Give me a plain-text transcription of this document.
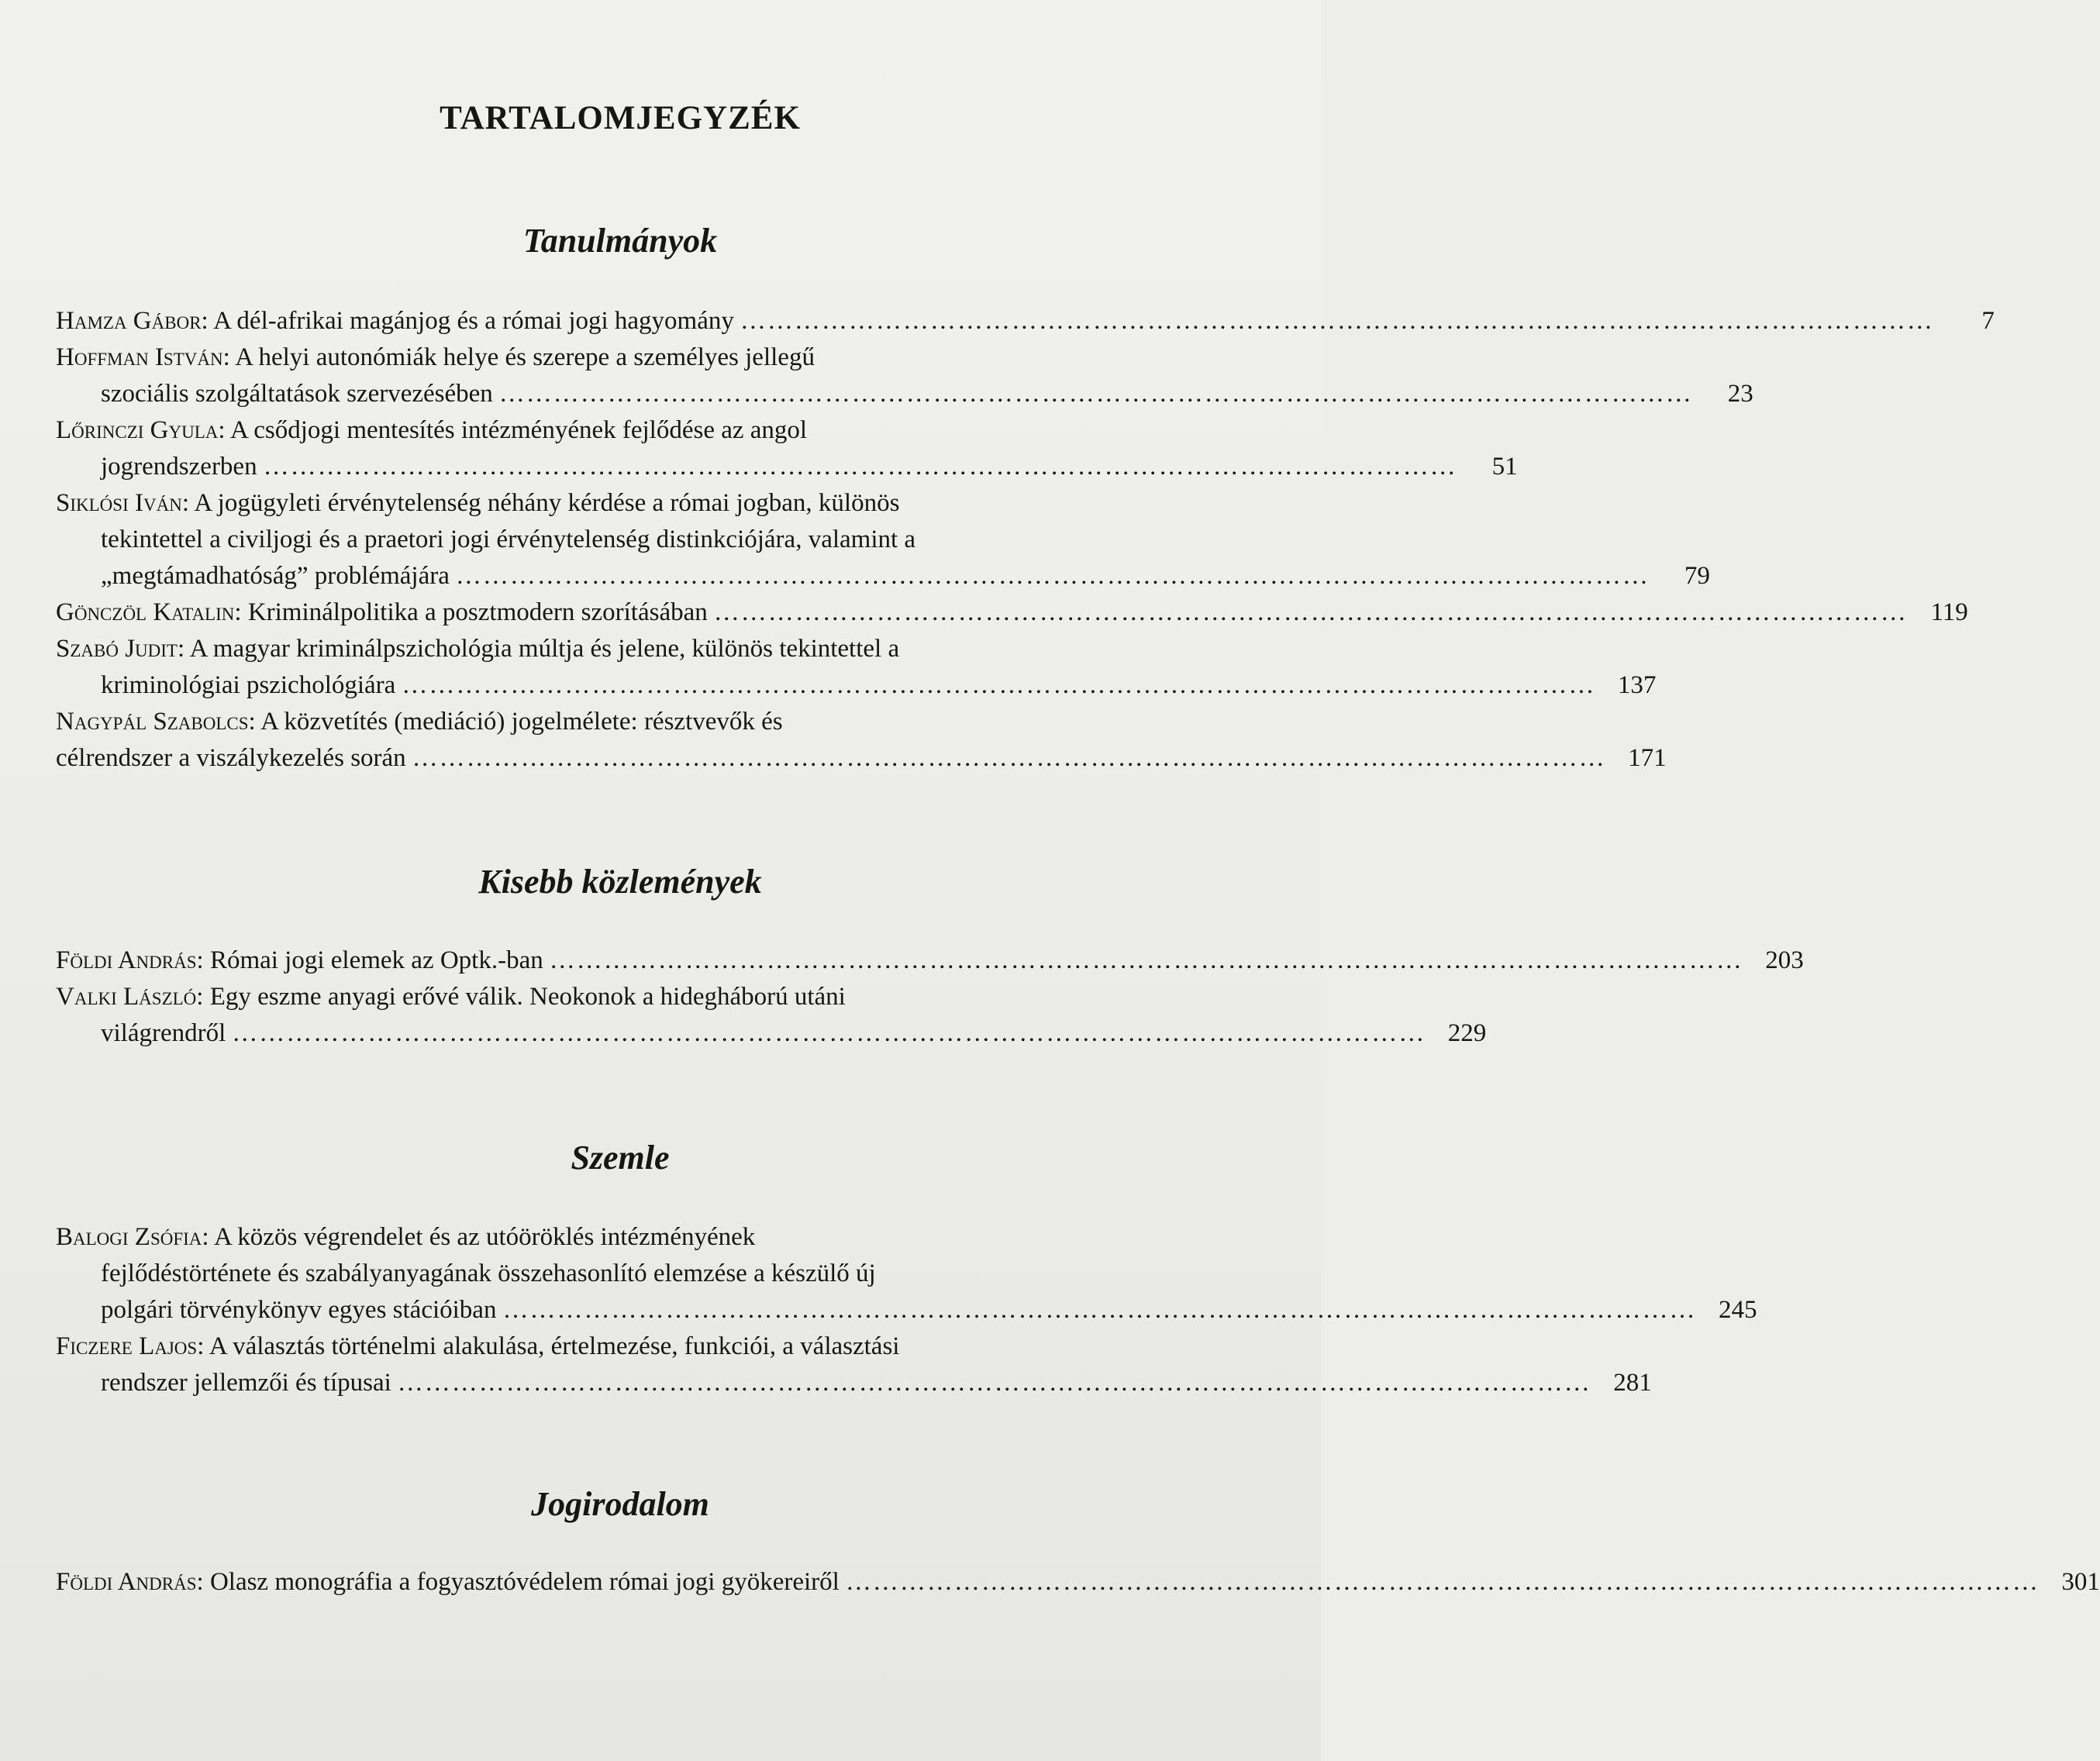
TARTALOMJEGYZÉK
Tanulmányok
Hamza Gábor: A dél-afrikai magánjog és a római jogi hagyomány ……………………………………………………………………………………………………………………	7
Hoffman István: A helyi autonómiák helye és szerepe a személyes jellegű
szociális szolgáltatások szervezésében ……………………………………………………………………………………………………………………	23
Lőrinczi Gyula: A csődjogi mentesítés intézményének fejlődése az angol
jogrendszerben ……………………………………………………………………………………………………………………	51
Siklósi Iván: A jogügyleti érvénytelenség néhány kérdése a római jogban, különös
tekintettel a civiljogi és a praetori jogi érvénytelenség distinkciójára, valamint a
„megtámadhatóság” problémájára ……………………………………………………………………………………………………………………	79
Gönczöl Katalin: Kriminálpolitika a posztmodern szorításában …………………………………………………………………………………………………………………… 119
Szabó Judit: A magyar kriminálpszichológia múltja és jelene, különös tekintettel a
kriminológiai pszichológiára …………………………………………………………………………………………………………………… 137
Nagypál Szabolcs: A közvetítés (mediáció) jogelmélete: résztvevők és
célrendszer a viszálykezelés során …………………………………………………………………………………………………………………… 171
Kisebb közlemények
Földi András: Római jogi elemek az Optk.-ban …………………………………………………………………………………………………………………… 203
Valki László: Egy eszme anyagi erővé válik. Neokonok a hidegháború utáni
világrendről …………………………………………………………………………………………………………………… 229
Szemle
Balogi Zsófia: A közös végrendelet és az utóöröklés intézményének
fejlődéstörténete és szabályanyagának összehasonlító elemzése a készülő új
polgári törvénykönyv egyes stációiban …………………………………………………………………………………………………………………… 245
Ficzere Lajos: A választás történelmi alakulása, értelmezése, funkciói, a választási
rendszer jellemzői és típusai …………………………………………………………………………………………………………………… 281
Jogirodalom
Földi András: Olasz monográfia a fogyasztóvédelem római jogi gyökereiről …………………………………………………………………………………………………………………… 301
